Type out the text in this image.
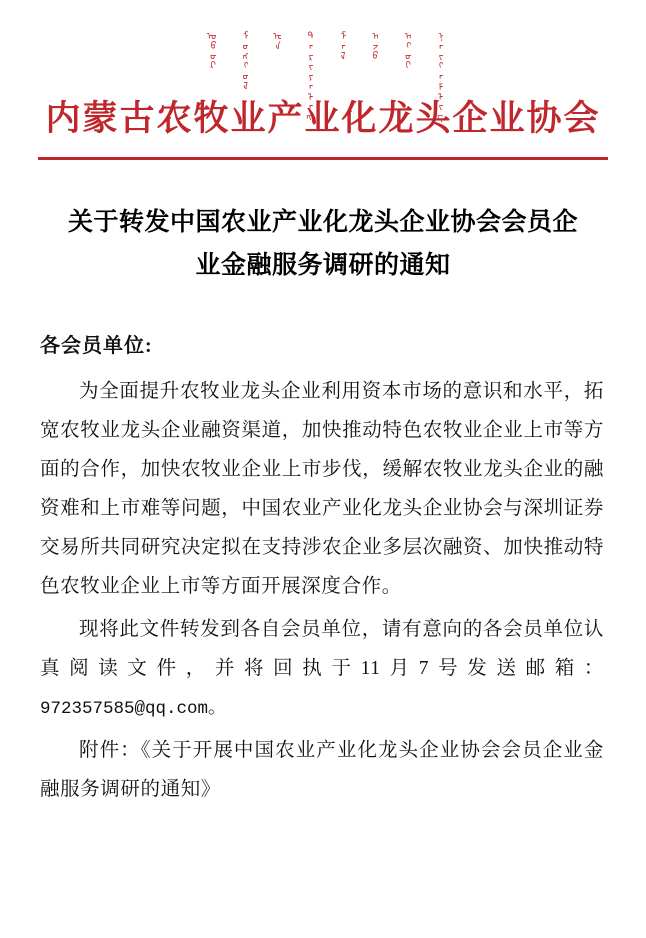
ᠥᠪᠥᠷ ᠮᠣᠩᠭᠣᠯ ᠤᠨ ᠲᠠᠷᠢᠶᠠᠯᠠᠩ ᠮᠠᠯ ᠠᠵᠤ ᠠᠬᠤᠢ ᠨᠡᠢᠭᠡᠮᠯᠢᠭ
内蒙古农牧业产业化龙头企业协会
关于转发中国农业产业化龙头企业协会会员企业金融服务调研的通知
各会员单位:

为全面提升农牧业龙头企业利用资本市场的意识和水平，拓宽农牧业龙头企业融资渠道，加快推动特色农牧业企业上市等方面的合作，加快农牧业企业上市步伐，缓解农牧业龙头企业的融资难和上市难等问题，中国农业产业化龙头企业协会与深圳证券交易所共同研究决定拟在支持涉农企业多层次融资、加快推动特色农牧业企业上市等方面开展深度合作。

现将此文件转发到各自会员单位，请有意向的各会员单位认真阅读文件，并将回执于11月7号发送邮箱：972357585@qq.com。

附件：《关于开展中国农业产业化龙头企业协会会员企业金融服务调研的通知》
